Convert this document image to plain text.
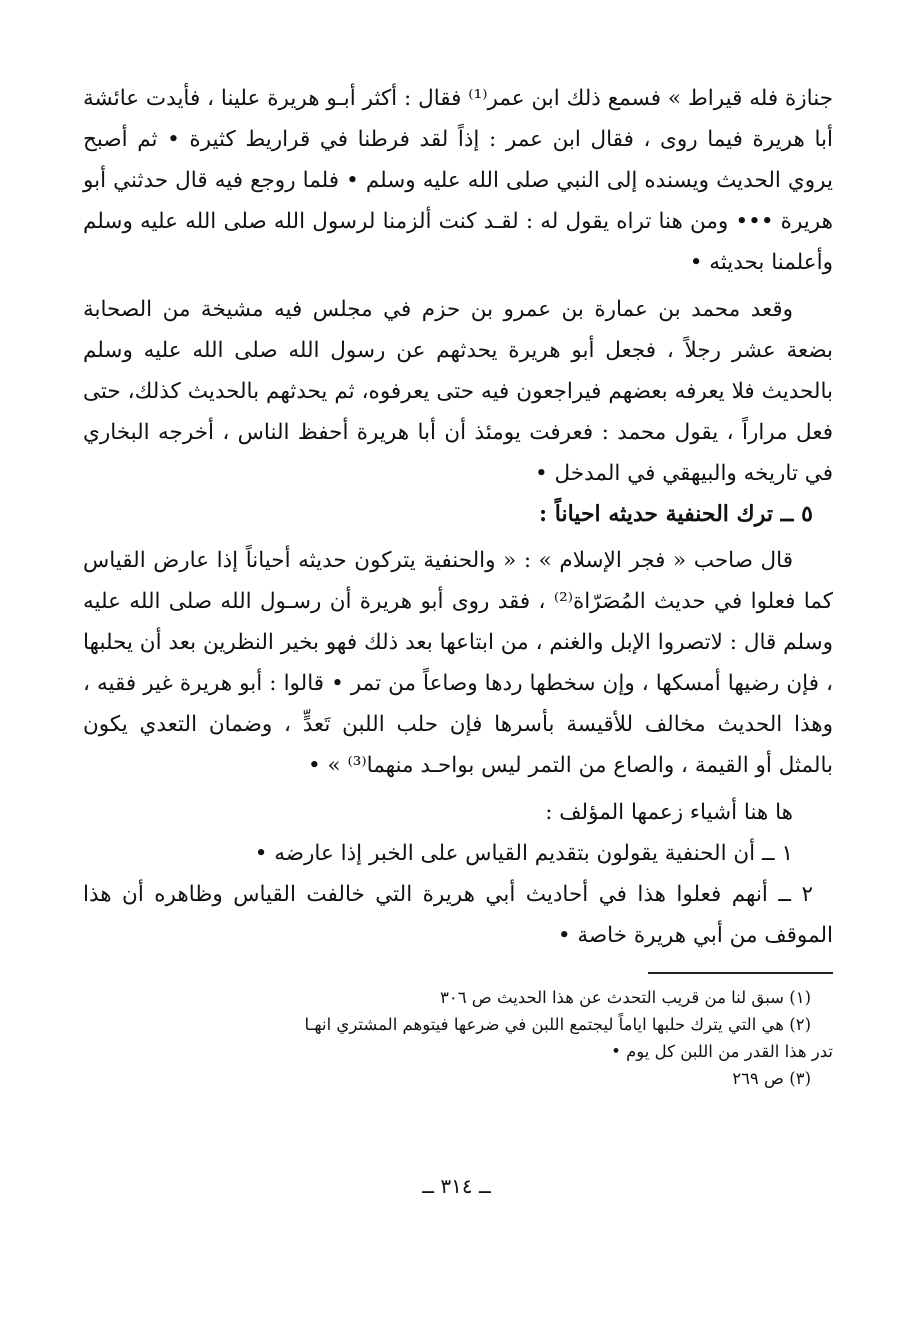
جنازة فله قيراط » فسمع ذلك ابن عمر⁽¹⁾ فقال : أكثر أبـو هريرة علينا ، فأيدت عائشة أبا هريرة فيما روى ، فقال ابن عمر : إذاً لقد فرطنا في قراريط كثيرة • ثم أصبح يروي الحديث ويسنده إلى النبي صلى الله عليه وسلم • فلما روجع فيه قال حدثني أبو هريرة ••• ومن هنا تراه يقول له : لقـد كنت ألزمنا لرسول الله صلى الله عليه وسلم وأعلمنا بحديثه •

وقعد محمد بن عمارة بن عمرو بن حزم في مجلس فيه مشيخة من الصحابة بضعة عشر رجلاً ، فجعل أبو هريرة يحدثهم عن رسول الله صلى الله عليه وسلم بالحديث فلا يعرفه بعضهم فيراجعون فيه حتى يعرفوه، ثم يحدثهم بالحديث كذلك، حتى فعل مراراً ، يقول محمد : فعرفت يومئذ أن أبا هريرة أحفظ الناس ، أخرجه البخاري في تاريخه والبيهقي في المدخل •

٥ ــ ترك الحنفية حديثه احياناً :

قال صاحب « فجر الإسلام » : « والحنفية يتركون حديثه أحياناً إذا عارض القياس كما فعلوا في حديث المُصَرّاة⁽²⁾ ، فقد روى أبو هريرة أن رسـول الله صلى الله عليه وسلم قال : لاتصروا الإبل والغنم ، من ابتاعها بعد ذلك فهو بخير النظرين بعد أن يحلبها ، فإن رضيها أمسكها ، وإن سخطها ردها وصاعاً من تمر • قالوا : أبو هريرة غير فقيه ، وهذا الحديث مخالف للأقيسة بأسرها فإن حلب اللبن تَعدٍّ ، وضمان التعدي يكون بالمثل أو القيمة ، والصاع من التمر ليس بواحـد منهما⁽³⁾ » •

ها هنا أشياء زعمها المؤلف :

١ ــ أن الحنفية يقولون بتقديم القياس على الخبر إذا عارضه •

٢ ــ أنهم فعلوا هذا في أحاديث أبي هريرة التي خالفت القياس وظاهره أن هذا الموقف من أبي هريرة خاصة •

(١) سبق لنا من قريب التحدث عن هذا الحديث ص ٣٠٦

(٢) هي التي يترك حلبها اياماً ليجتمع اللبن في ضرعها فيتوهم المشتري انهـا

تدر هذا القدر من اللبن كل يوم •

(٣) ص ٢٦٩

ــ ٣١٤ ــ
